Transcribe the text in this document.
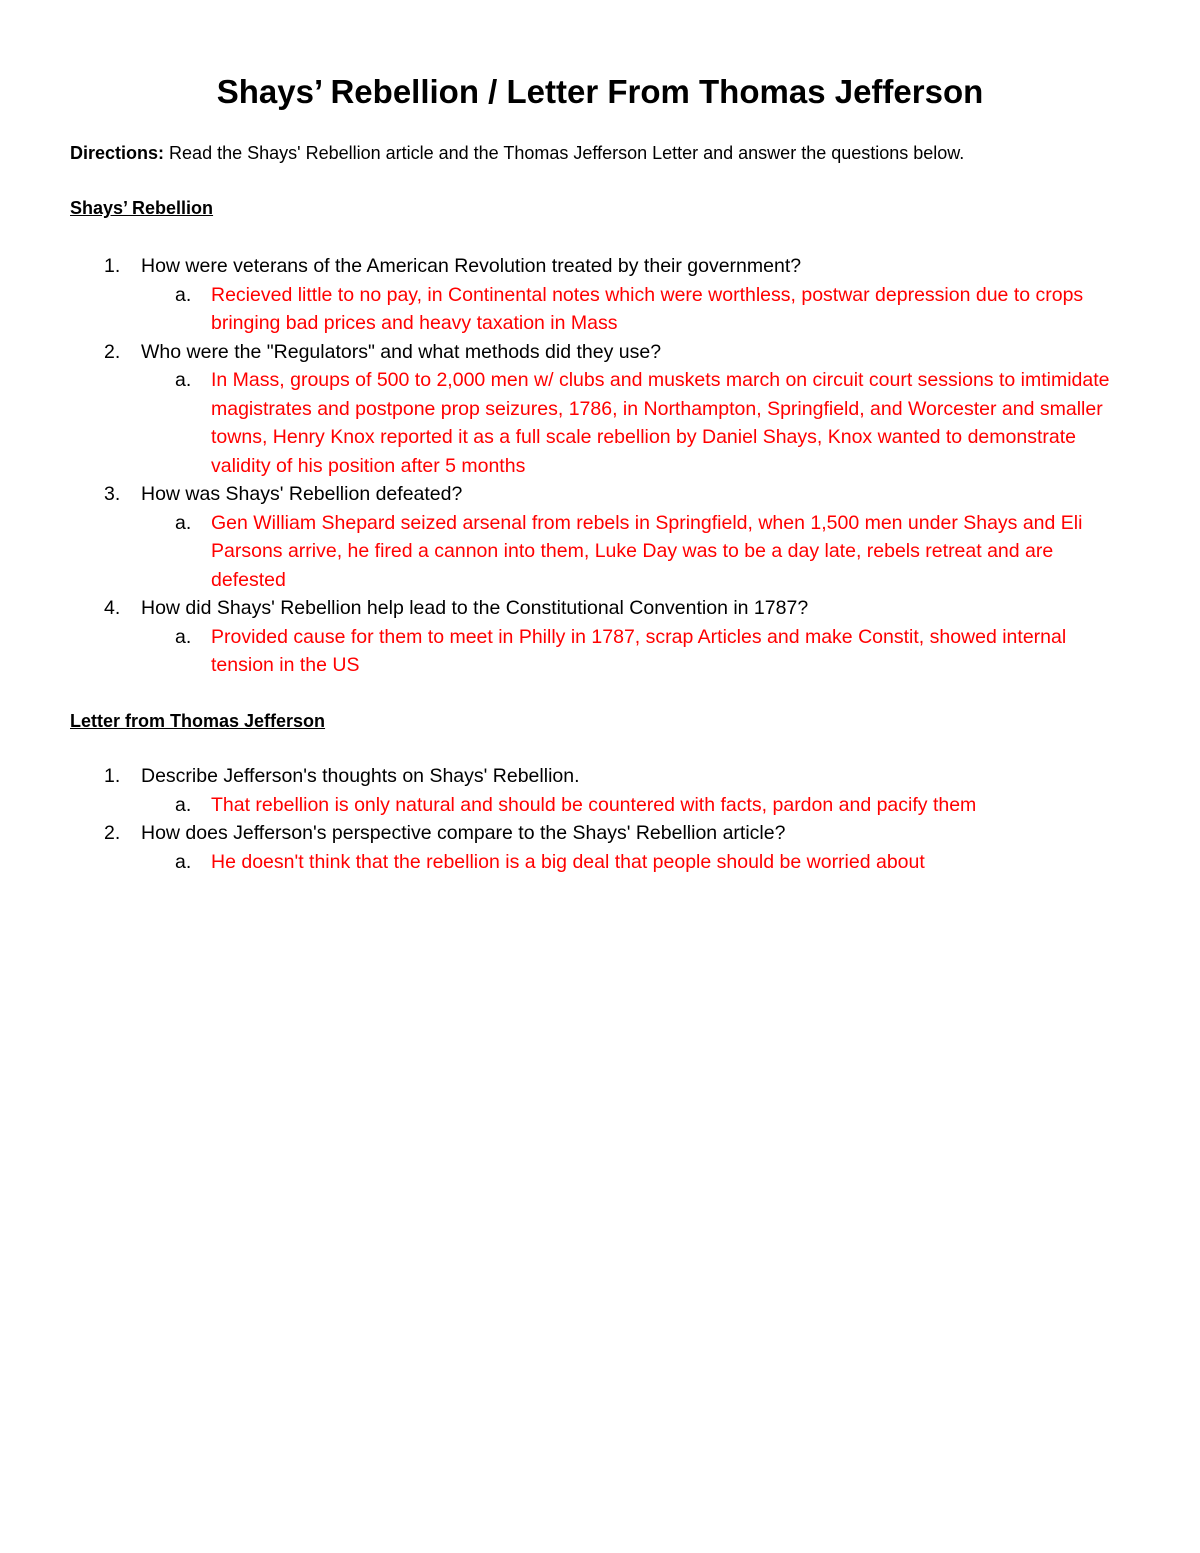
Shays’ Rebellion / Letter From Thomas Jefferson

Directions: Read the Shays' Rebellion article and the Thomas Jefferson Letter and answer the questions below.

Shays’ Rebellion
1. How were veterans of the American Revolution treated by their government?
a. Recieved little to no pay, in Continental notes which were worthless, postwar depression due to crops bringing bad prices and heavy taxation in Mass
2. Who were the "Regulators" and what methods did they use?
a. In Mass, groups of 500 to 2,000 men w/ clubs and muskets march on circuit court sessions to imtimidate magistrates and postpone prop seizures, 1786, in Northampton, Springfield, and Worcester and smaller towns, Henry Knox reported it as a full scale rebellion by Daniel Shays, Knox wanted to demonstrate validity of his position after 5 months
3. How was Shays' Rebellion defeated?
a. Gen William Shepard seized arsenal from rebels in Springfield, when 1,500 men under Shays and Eli Parsons arrive, he fired a cannon into them, Luke Day was to be a day late, rebels retreat and are defested
4. How did Shays' Rebellion help lead to the Constitutional Convention in 1787?
a. Provided cause for them to meet in Philly in 1787, scrap Articles and make Constit, showed internal tension in the US
Letter from Thomas Jefferson
1. Describe Jefferson's thoughts on Shays' Rebellion.
a. That rebellion is only natural and should be countered with facts, pardon and pacify them
2. How does Jefferson's perspective compare to the Shays' Rebellion article?
a. He doesn't think that the rebellion is a big deal that people should be worried about
